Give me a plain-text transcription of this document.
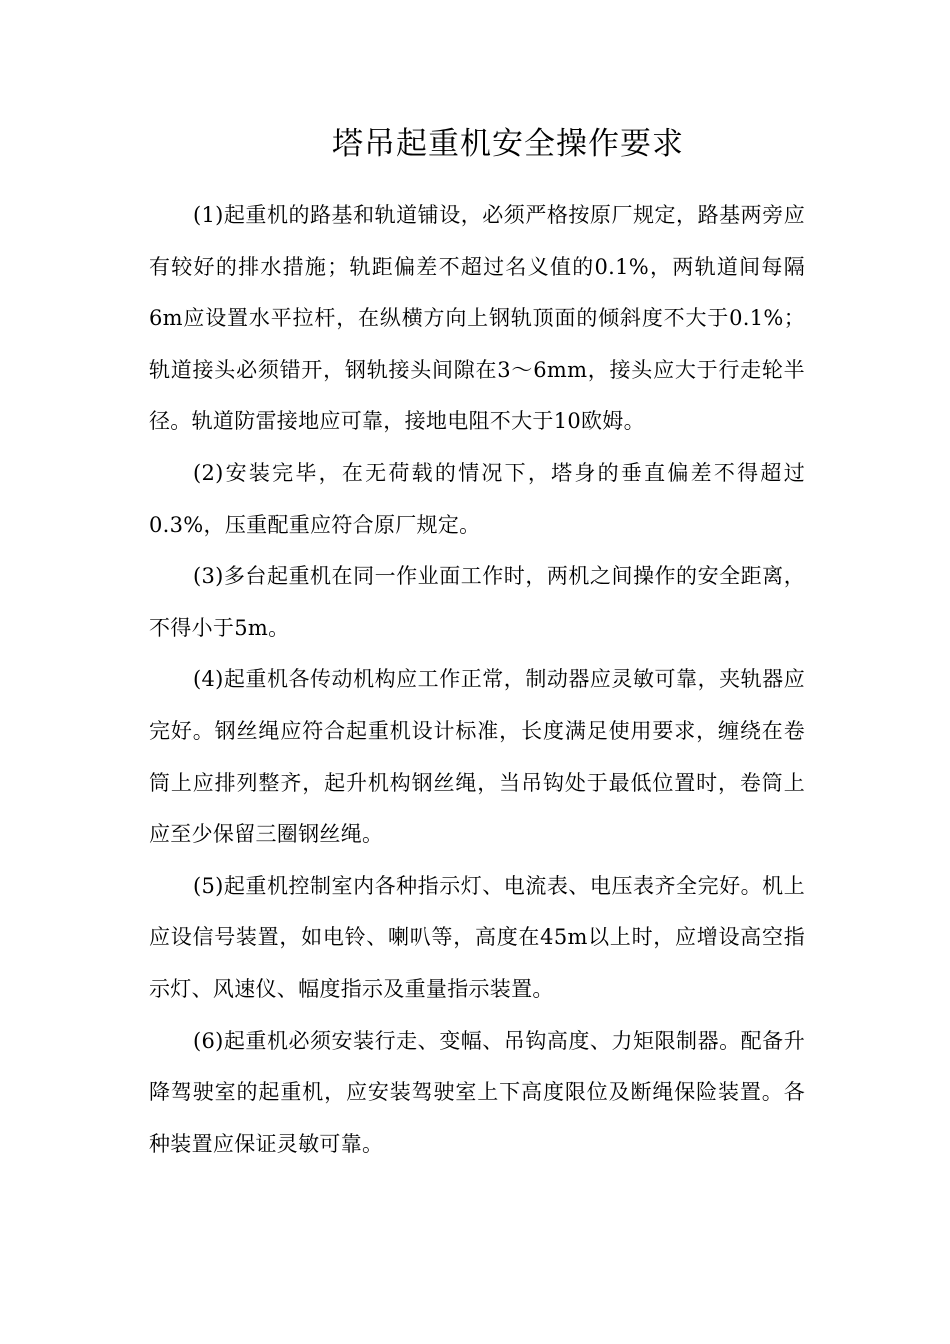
塔吊起重机安全操作要求

(1)起重机的路基和轨道铺设，必须严格按原厂规定，路基两旁应有较好的排水措施；轨距偏差不超过名义值的0.1%，两轨道间每隔6m应设置水平拉杆，在纵横方向上钢轨顶面的倾斜度不大于0.1%；轨道接头必须错开，钢轨接头间隙在3～6mm，接头应大于行走轮半径。轨道防雷接地应可靠，接地电阻不大于10欧姆。

(2)安装完毕，在无荷载的情况下，塔身的垂直偏差不得超过0.3%，压重配重应符合原厂规定。

(3)多台起重机在同一作业面工作时，两机之间操作的安全距离，不得小于5m。

(4)起重机各传动机构应工作正常，制动器应灵敏可靠，夹轨器应完好。钢丝绳应符合起重机设计标准，长度满足使用要求，缠绕在卷筒上应排列整齐，起升机构钢丝绳，当吊钩处于最低位置时，卷筒上应至少保留三圈钢丝绳。

(5)起重机控制室内各种指示灯、电流表、电压表齐全完好。机上应设信号装置，如电铃、喇叭等，高度在45m以上时，应增设高空指示灯、风速仪、幅度指示及重量指示装置。

(6)起重机必须安装行走、变幅、吊钩高度、力矩限制器。配备升降驾驶室的起重机，应安装驾驶室上下高度限位及断绳保险装置。各种装置应保证灵敏可靠。
